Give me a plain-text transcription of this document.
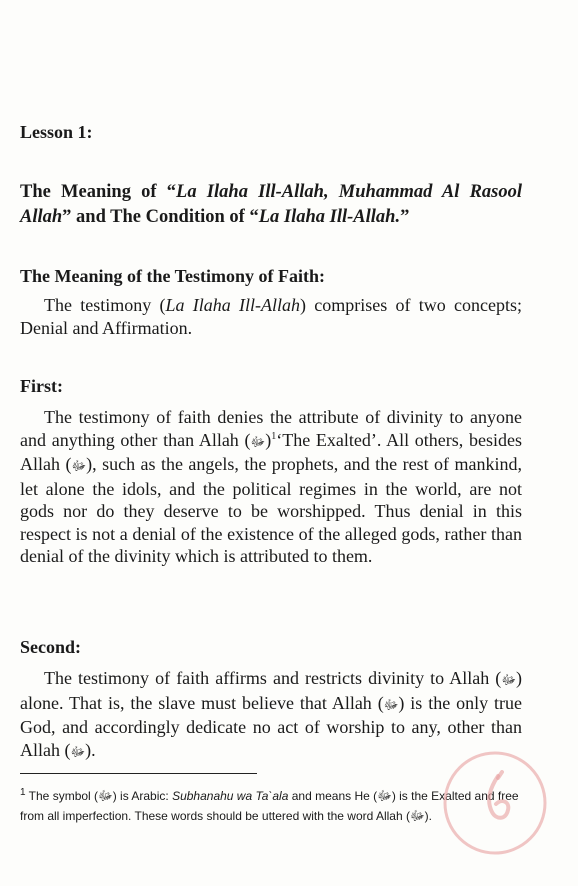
Lesson 1:
The Meaning of “La Ilaha Ill-Allah, Muhammad Al Rasool Allah” and The Condition of “La Ilaha Ill-Allah.”
The Meaning of the Testimony of Faith:
The testimony (La Ilaha Ill-Allah) comprises of two concepts; Denial and Affirmation.
First:
The testimony of faith denies the attribute of divinity to anyone and anything other than Allah (ﷻ)$^1$‘The Exalted’. All others, besides Allah (ﷻ), such as the angels, the prophets, and the rest of mankind, let alone the idols, and the political regimes in the world, are not gods nor do they deserve to be worshipped. Thus denial in this respect is not a denial of the existence of the alleged gods, rather than denial of the divinity which is attributed to them.
Second:
The testimony of faith affirms and restricts divinity to Allah (ﷻ) alone. That is, the slave must believe that Allah (ﷻ) is the only true God, and accordingly dedicate no act of worship to any, other than Allah (ﷻ).
$^1$ The symbol (ﷻ) is Arabic: Subhanahu wa Ta`ala and means He (ﷻ) is the Exalted and free from all imperfection. These words should be uttered with the word Allah (ﷻ).
